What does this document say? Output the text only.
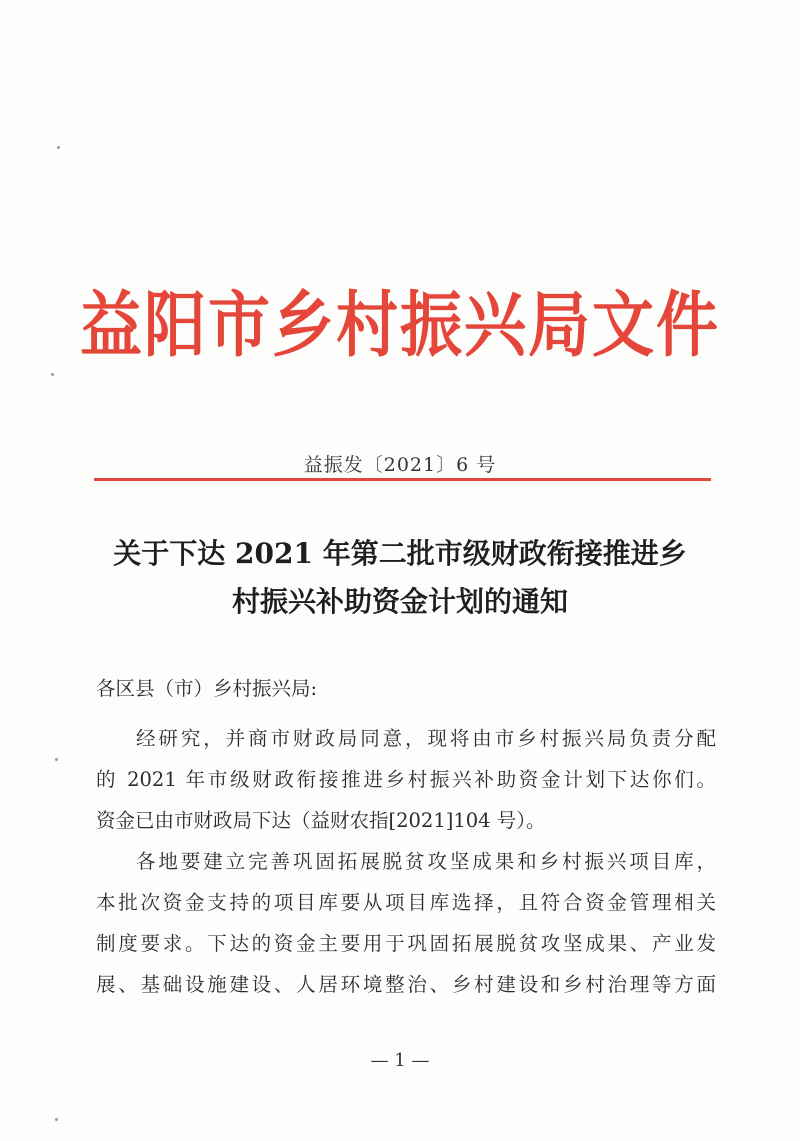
益阳市乡村振兴局文件
益振发〔2021〕6 号
关于下达 2021 年第二批市级财政衔接推进乡
村振兴补助资金计划的通知

各区县（市）乡村振兴局:

经研究，并商市财政局同意，现将由市乡村振兴局负责分配
的 2021 年市级财政衔接推进乡村振兴补助资金计划下达你们。
资金已由市财政局下达（益财农指[2021]104 号）。

各地要建立完善巩固拓展脱贫攻坚成果和乡村振兴项目库，
本批次资金支持的项目库要从项目库选择，且符合资金管理相关
制度要求。下达的资金主要用于巩固拓展脱贫攻坚成果、产业发
展、基础设施建设、人居环境整治、乡村建设和乡村治理等方面

— 1 —
